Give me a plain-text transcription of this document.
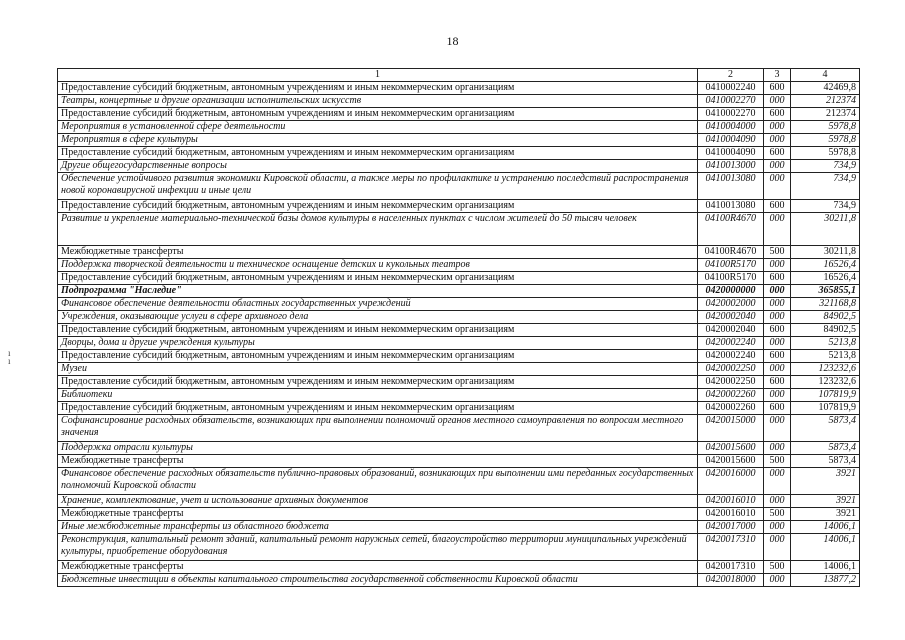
18
ı
ı
1	2	3	4
Предоставление субсидий бюджетным, автономным учреждениям и иным некоммерческим организациям	0410002240	600	42469,8
Театры, концертные и другие организации исполнительских искусств	0410002270	000	212374
Предоставление субсидий бюджетным, автономным учреждениям и иным некоммерческим организациям	0410002270	600	212374
Мероприятия в установленной сфере деятельности	0410004000	000	5978,8
Мероприятия в сфере культуры	0410004090	000	5978,8
Предоставление субсидий бюджетным, автономным учреждениям и иным некоммерческим организациям	0410004090	600	5978,8
Другие общегосударственные вопросы	0410013000	000	734,9
Обеспечение устойчивого развития экономики Кировской области, а также меры по профилактике и устранению последствий распространения новой коронавирусной инфекции и иные цели	0410013080	000	734,9
Предоставление субсидий бюджетным, автономным учреждениям и иным некоммерческим организациям	0410013080	600	734,9
Развитие и укрепление материально-технической базы домов культуры в населенных пунктах с числом жителей до 50 тысяч человек	04100R4670	000	30211,8
Межбюджетные трансферты	04100R4670	500	30211,8
Поддержка творческой деятельности и техническое оснащение детских и кукольных театров	04100R5170	000	16526,4
Предоставление субсидий бюджетным, автономным учреждениям и иным некоммерческим организациям	04100R5170	600	16526,4
Подпрограмма "Наследие"	0420000000	000	365855,1
Финансовое обеспечение деятельности областных государственных учреждений	0420002000	000	321168,8
Учреждения, оказывающие услуги в сфере архивного дела	0420002040	000	84902,5
Предоставление субсидий бюджетным, автономным учреждениям и иным некоммерческим организациям	0420002040	600	84902,5
Дворцы, дома и другие учреждения культуры	0420002240	000	5213,8
Предоставление субсидий бюджетным, автономным учреждениям и иным некоммерческим организациям	0420002240	600	5213,8
Музеи	0420002250	000	123232,6
Предоставление субсидий бюджетным, автономным учреждениям и иным некоммерческим организациям	0420002250	600	123232,6
Библиотеки	0420002260	000	107819,9
Предоставление субсидий бюджетным, автономным учреждениям и иным некоммерческим организациям	0420002260	600	107819,9
Софинансирование расходных обязательств, возникающих при выполнении полномочий органов местного самоуправления по вопросам местного значения	0420015000	000	5873,4
Поддержка отрасли культуры	0420015600	000	5873,4
Межбюджетные трансферты	0420015600	500	5873,4
Финансовое обеспечение расходных обязательств публично-правовых образований, возникающих при выполнении ими переданных государственных полномочий Кировской области	0420016000	000	3921
Хранение, комплектование, учет и использование архивных документов	0420016010	000	3921
Межбюджетные трансферты	0420016010	500	3921
Иные межбюджетные трансферты из областного бюджета	0420017000	000	14006,1
Реконструкция, капитальный ремонт зданий, капитальный ремонт наружных сетей, благоустройство территории муниципальных учреждений культуры, приобретение оборудования	0420017310	000	14006,1
Межбюджетные трансферты	0420017310	500	14006,1
Бюджетные инвестиции в объекты капитального строительства государственной собственности Кировской области	0420018000	000	13877,2
